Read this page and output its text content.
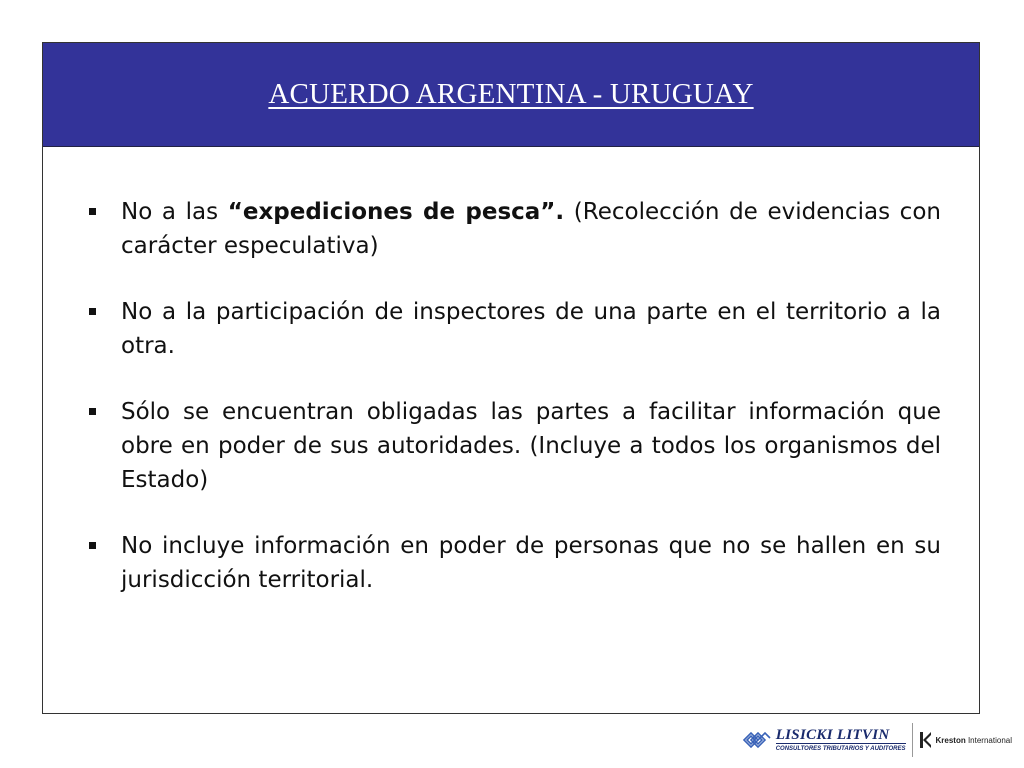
ACUERDO ARGENTINA - URUGUAY
No a las “expediciones de pesca”. (Recolección de evidencias con carácter especulativa)
No a la participación de inspectores de una parte en el territorio a la otra.
Sólo se encuentran obligadas las partes a facilitar información que obre en poder de sus autoridades. (Incluye a todos los organismos del Estado)
No incluye información en poder de personas que no se hallen en su jurisdicción territorial.
LISICKI LITVIN
CONSULTORES TRIBUTARIOS Y AUDITORES
Kreston International
